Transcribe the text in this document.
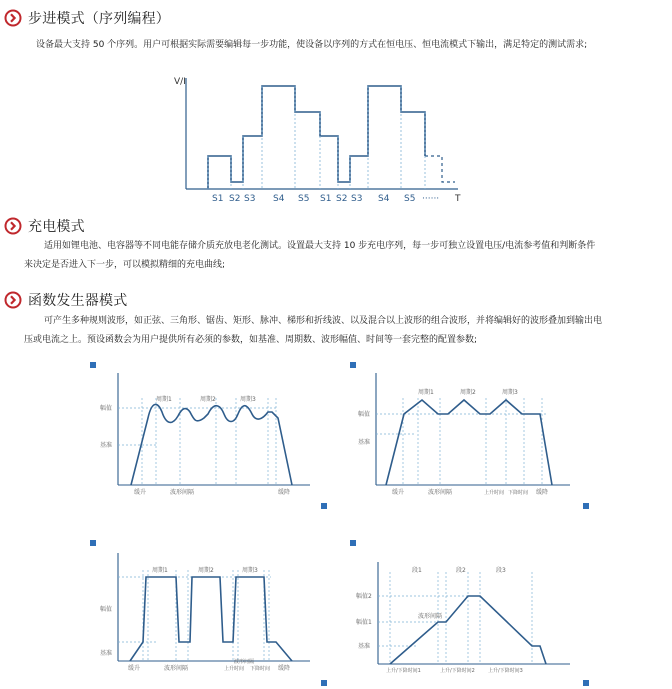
步进模式（序列编程）
设备最大支持 50 个序列。用户可根据实际需要编辑每一步功能，使设备以序列的方式在恒电压、恒电流模式下输出，满足特定的测试需求;
V/I
T
S1 S2 S3 S4 S5 S1 S2 S3 S4 S5 ······
充电模式
适用如锂电池、电容器等不同电能存储介质充放电老化测试。设置最大支持 10 步充电序列，每一步可独立设置电压/电流参考值和判断条件
来决定是否进入下一步，可以模拟精细的充电曲线;
函数发生器模式
可产生多种规则波形，如正弦、三角形、锯齿、矩形、脉冲、梯形和折线波、以及混合以上波形的组合波形，并将编辑好的波形叠加到输出电
压或电流之上。预设函数会为用户提供所有必须的参数，如基准、周期数、波形幅值、时间等一套完整的配置参数;
幅值
基准
周期1	周期2	周期3
缓升	波形间隔	缓降
幅值
基准
周期1	周期2	周期3
缓升	波形间隔	上升时间 下降时间 缓降
幅值
基准
周期1	周期2	周期3
缓升	波形间隔
波形间隔
上升时间 下降时间 缓降
幅值2
幅值1
基准
段1	段2	段3
波形间隔
上升/下降时间1	上升/下降时间2	上升/下降时间3
